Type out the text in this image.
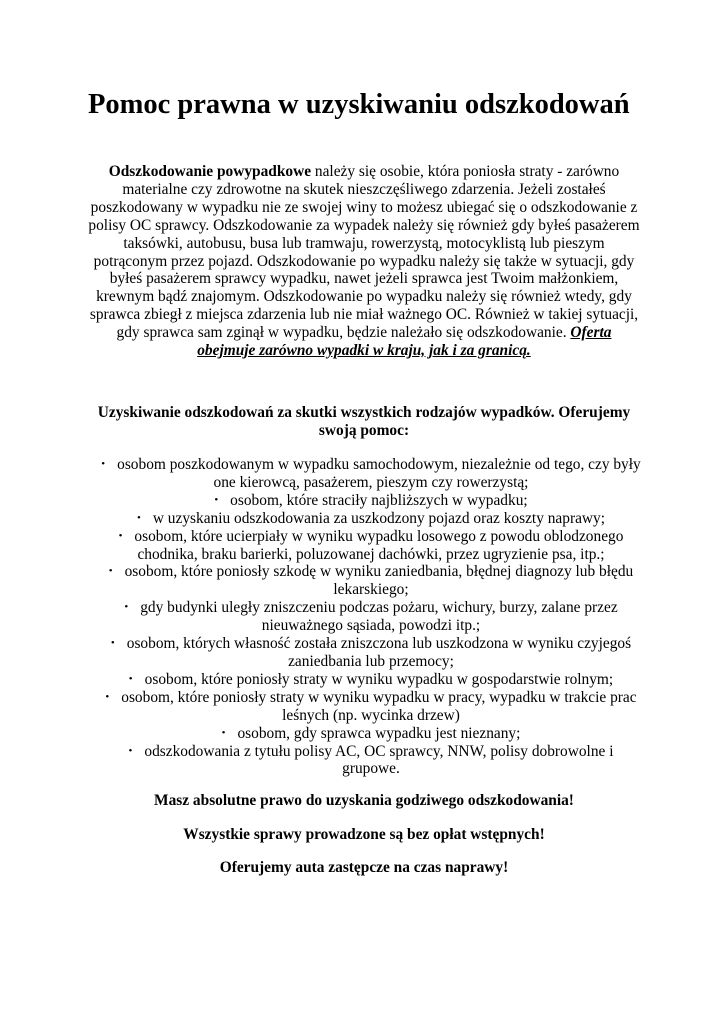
Pomoc prawna w uzyskiwaniu odszkodowań

Odszkodowanie powypadkowe należy się osobie, która poniosła straty - zarówno materialne czy zdrowotne na skutek nieszczęśliwego zdarzenia. Jeżeli zostałeś poszkodowany w wypadku nie ze swojej winy to możesz ubiegać się o odszkodowanie z polisy OC sprawcy. Odszkodowanie za wypadek należy się również gdy byłeś pasażerem taksówki, autobusu, busa lub tramwaju, rowerzystą, motocyklistą lub pieszym potrąconym przez pojazd. Odszkodowanie po wypadku należy się także w sytuacji, gdy byłeś pasażerem sprawcy wypadku, nawet jeżeli sprawca jest Twoim małżonkiem, krewnym bądź znajomym. Odszkodowanie po wypadku należy się również wtedy, gdy sprawca zbiegł z miejsca zdarzenia lub nie miał ważnego OC. Również w takiej sytuacji, gdy sprawca sam zginął w wypadku, będzie należało się odszkodowanie. Oferta obejmuje zarówno wypadki w kraju, jak i za granicą.

Uzyskiwanie odszkodowań za skutki wszystkich rodzajów wypadków. Oferujemy swoją pomoc:

• osobom poszkodowanym w wypadku samochodowym, niezależnie od tego, czy były one kierowcą, pasażerem, pieszym czy rowerzystą;
• osobom, które straciły najbliższych w wypadku;
• w uzyskaniu odszkodowania za uszkodzony pojazd oraz koszty naprawy;
• osobom, które ucierpiały w wyniku wypadku losowego z powodu oblodzonego chodnika, braku barierki, poluzowanej dachówki, przez ugryzienie psa, itp.;
• osobom, które poniosły szkodę w wyniku zaniedbania, błędnej diagnozy lub błędu lekarskiego;
• gdy budynki uległy zniszczeniu podczas pożaru, wichury, burzy, zalane przez nieuważnego sąsiada, powodzi itp.;
• osobom, których własność została zniszczona lub uszkodzona w wyniku czyjegoś zaniedbania lub przemocy;
• osobom, które poniosły straty w wyniku wypadku w gospodarstwie rolnym;
• osobom, które poniosły straty w wyniku wypadku w pracy, wypadku w trakcie prac leśnych (np. wycinka drzew)
• osobom, gdy sprawca wypadku jest nieznany;
• odszkodowania z tytułu polisy AC, OC sprawcy, NNW, polisy dobrowolne i grupowe.

Masz absolutne prawo do uzyskania godziwego odszkodowania!

Wszystkie sprawy prowadzone są bez opłat wstępnych!

Oferujemy auta zastępcze na czas naprawy!
